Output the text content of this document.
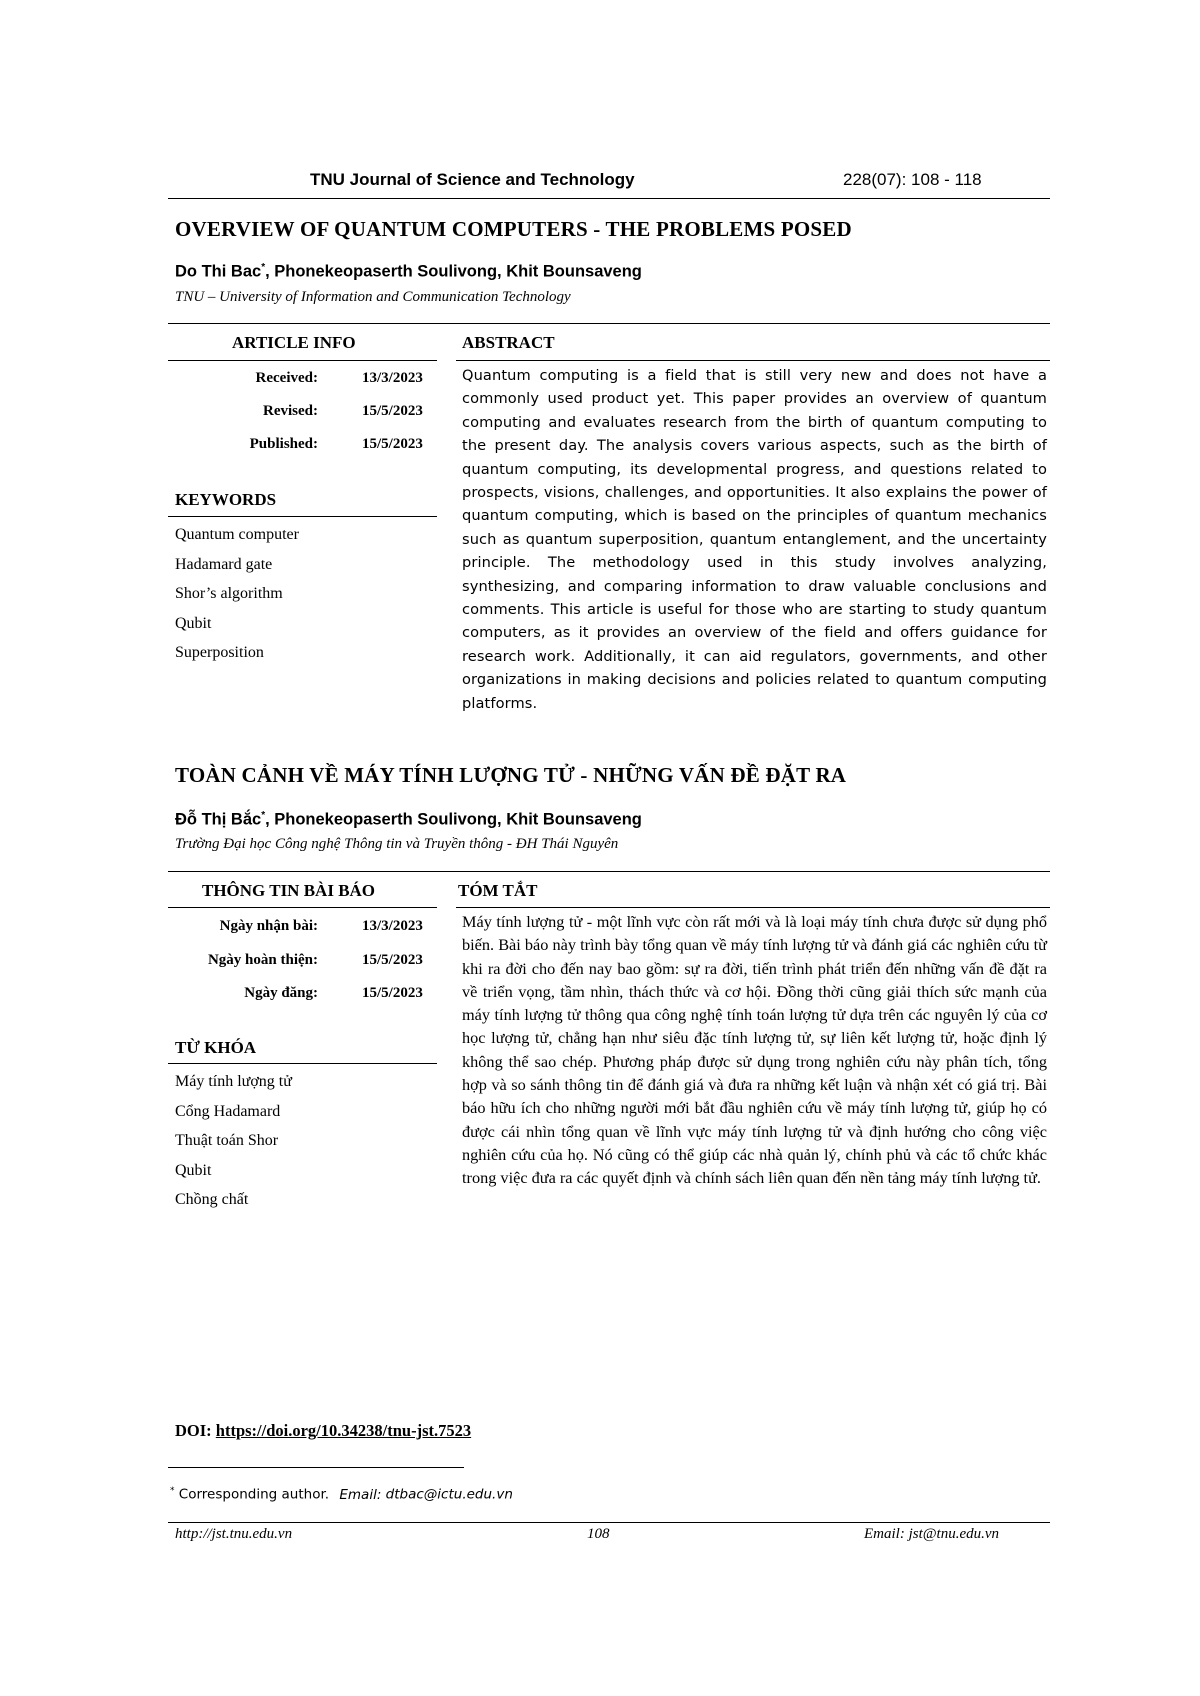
TNU Journal of Science and Technology	228(07): 108 - 118
OVERVIEW OF QUANTUM COMPUTERS - THE PROBLEMS POSED
Do Thi Bac*, Phonekeopaserth Soulivong, Khit Bounsaveng
TNU – University of Information and Communication Technology
ARTICLE INFO	ABSTRACT
Received:	13/3/2023
Revised:	15/5/2023
Published:	15/5/2023
KEYWORDS
Quantum computer
Hadamard gate
Shor’s algorithm
Qubit
Superposition
Quantum computing is a field that is still very new and does not have a commonly used product yet. This paper provides an overview of quantum computing and evaluates research from the birth of quantum computing to the present day. The analysis covers various aspects, such as the birth of quantum computing, its developmental progress, and questions related to prospects, visions, challenges, and opportunities. It also explains the power of quantum computing, which is based on the principles of quantum mechanics such as quantum superposition, quantum entanglement, and the uncertainty principle. The methodology used in this study involves analyzing, synthesizing, and comparing information to draw valuable conclusions and comments. This article is useful for those who are starting to study quantum computers, as it provides an overview of the field and offers guidance for research work. Additionally, it can aid regulators, governments, and other organizations in making decisions and policies related to quantum computing platforms.
TOÀN CẢNH VỀ MÁY TÍNH LƯỢNG TỬ - NHỮNG VẤN ĐỀ ĐẶT RA
Đỗ Thị Bắc*, Phonekeopaserth Soulivong, Khit Bounsaveng
Trường Đại học Công nghệ Thông tin và Truyền thông - ĐH Thái Nguyên
THÔNG TIN BÀI BÁO	TÓM TẮT
Ngày nhận bài:	13/3/2023
Ngày hoàn thiện:	15/5/2023
Ngày đăng:	15/5/2023
TỪ KHÓA
Máy tính lượng tử
Cổng Hadamard
Thuật toán Shor
Qubit
Chồng chất
Máy tính lượng tử - một lĩnh vực còn rất mới và là loại máy tính chưa được sử dụng phổ biến. Bài báo này trình bày tổng quan về máy tính lượng tử và đánh giá các nghiên cứu từ khi ra đời cho đến nay bao gồm: sự ra đời, tiến trình phát triển đến những vấn đề đặt ra về triển vọng, tầm nhìn, thách thức và cơ hội. Đồng thời cũng giải thích sức mạnh của máy tính lượng tử thông qua công nghệ tính toán lượng tử dựa trên các nguyên lý của cơ học lượng tử, chẳng hạn như siêu đặc tính lượng tử, sự liên kết lượng tử, hoặc định lý không thể sao chép. Phương pháp được sử dụng trong nghiên cứu này phân tích, tổng hợp và so sánh thông tin để đánh giá và đưa ra những kết luận và nhận xét có giá trị. Bài báo hữu ích cho những người mới bắt đầu nghiên cứu về máy tính lượng tử, giúp họ có được cái nhìn tổng quan về lĩnh vực máy tính lượng tử và định hướng cho công việc nghiên cứu của họ. Nó cũng có thể giúp các nhà quản lý, chính phủ và các tổ chức khác trong việc đưa ra các quyết định và chính sách liên quan đến nền tảng máy tính lượng tử.
DOI: https://doi.org/10.34238/tnu-jst.7523
* Corresponding author. Email: dtbac@ictu.edu.vn
http://jst.tnu.edu.vn	108	Email: jst@tnu.edu.vn
